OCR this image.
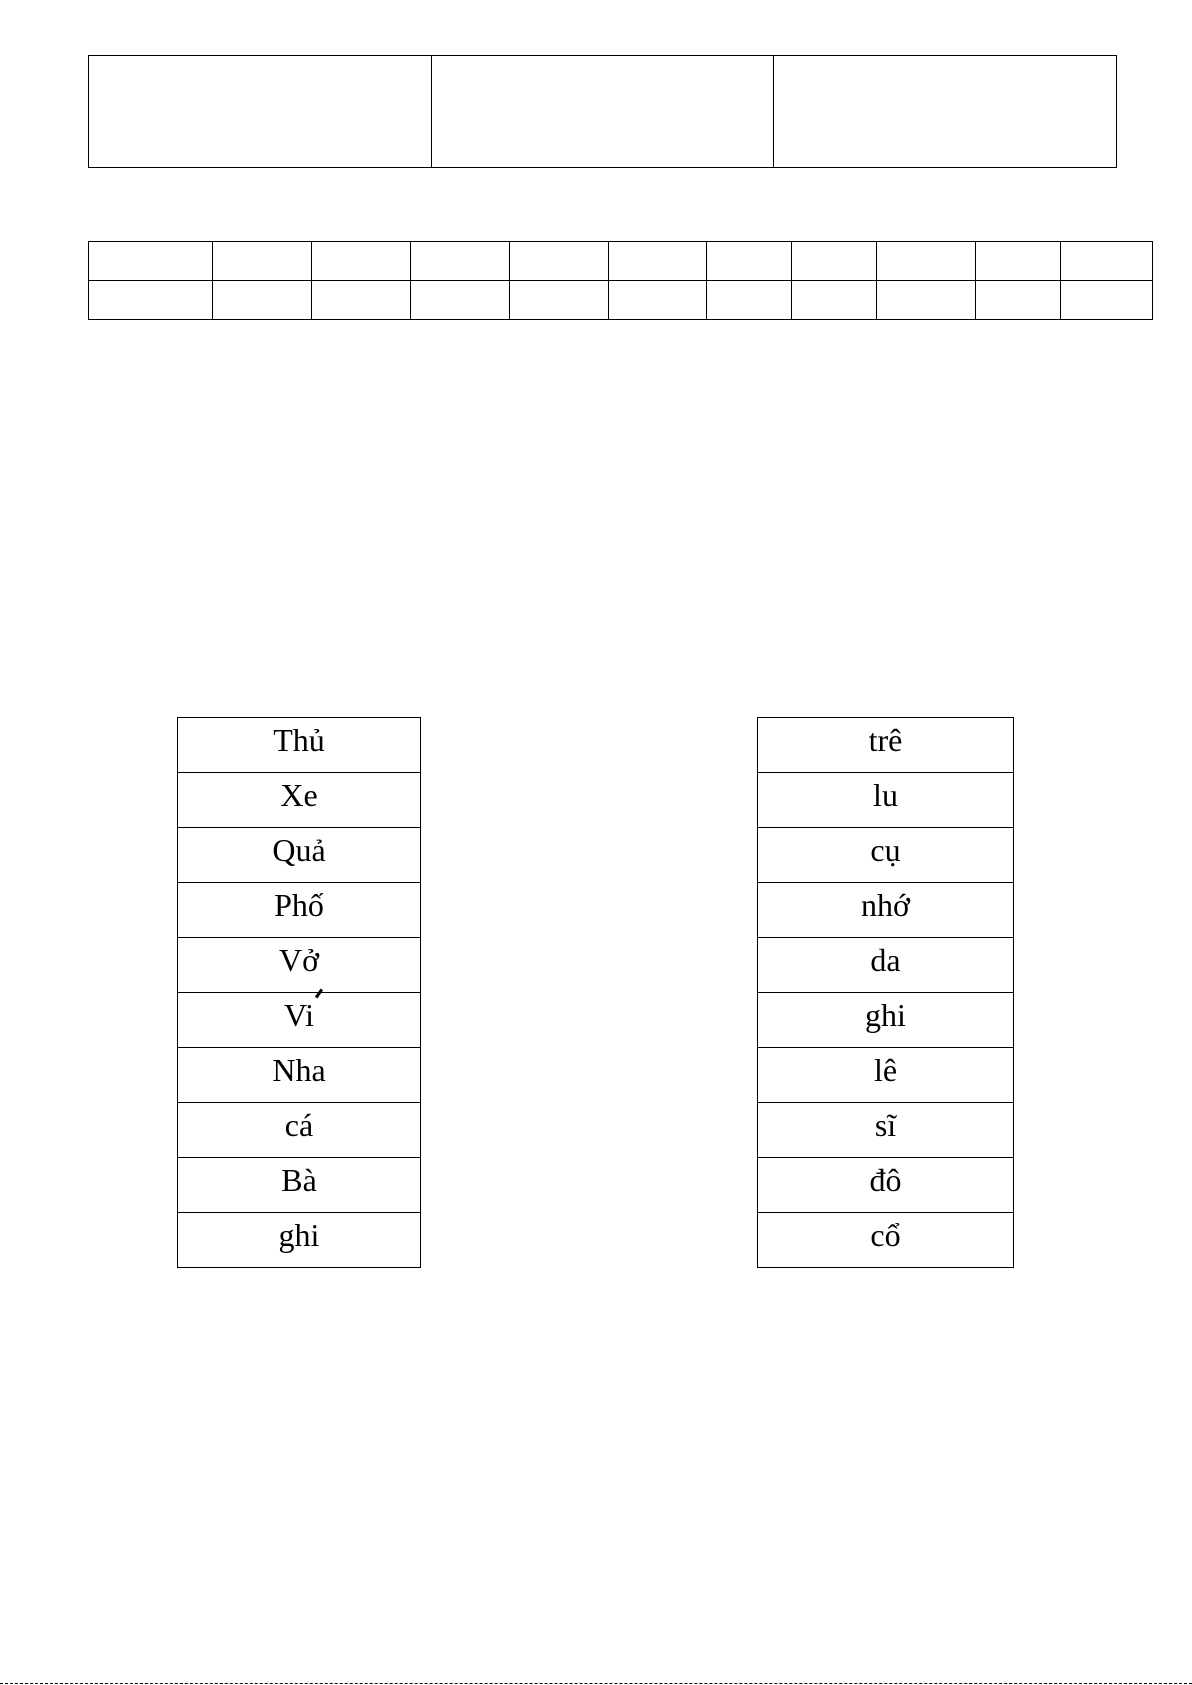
Thủ
Xe
Quả
Phố
Vở
Vi
Nha
cá
Bà
ghi
trê
lu
cụ
nhớ
da
ghi
lê
sĩ
đô
cổ
